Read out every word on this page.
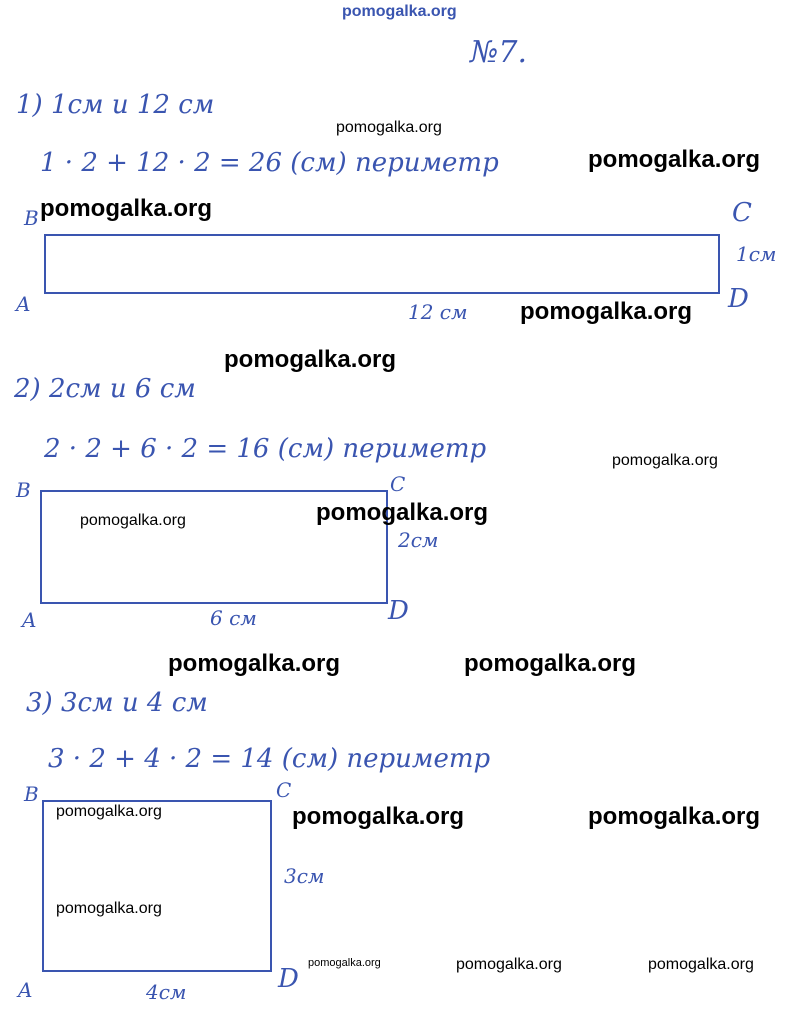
pomogalka.org
№7.
1) 1см и 12 см
1 · 2 + 12 · 2 = 26 (см) периметр
B	C
A	D
1см
12 см
2) 2см и 6 см
2 · 2 + 6 · 2 = 16 (см) периметр
B	C
A	D
2см
6 см
3) 3см и 4 см
3 · 2 + 4 · 2 = 14 (см) периметр
B	C
A	D
3см
4см
pomogalka.org
pomogalka.org
pomogalka.org
pomogalka.org
pomogalka.org
pomogalka.org
pomogalka.org
pomogalka.org
pomogalka.org	pomogalka.org
pomogalka.org	pomogalka.org	pomogalka.org
pomogalka.org
pomogalka.org	pomogalka.org	pomogalka.org
